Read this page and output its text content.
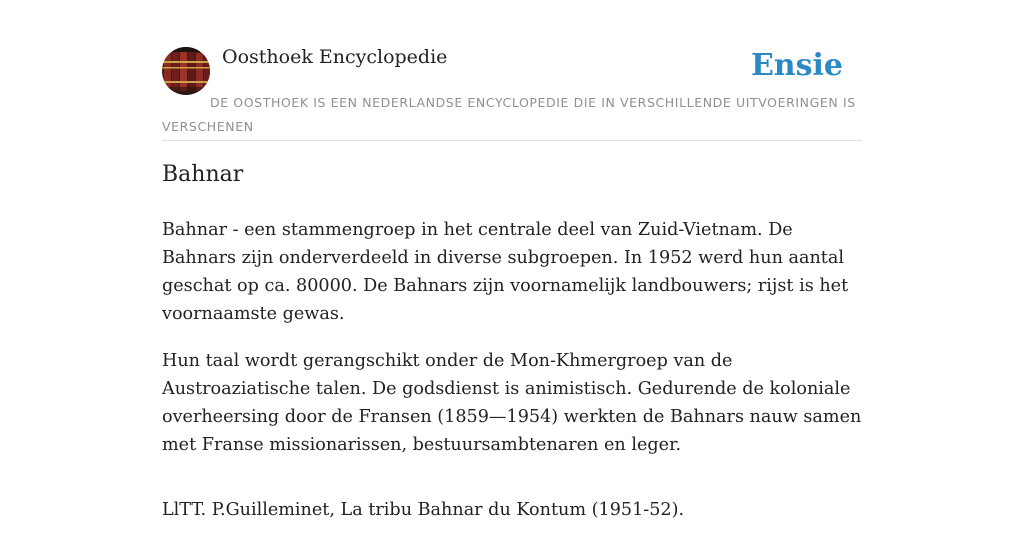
Oosthoek Encyclopedie	Ensie
DE OOSTHOEK IS EEN NEDERLANDSE ENCYCLOPEDIE DIE IN VERSCHILLENDE UITVOERINGEN IS VERSCHENEN
Bahnar

Bahnar - een stammengroep in het centrale deel van Zuid-Vietnam. De Bahnars zijn onderverdeeld in diverse subgroepen. In 1952 werd hun aantal geschat op ca. 80000. De Bahnars zijn voornamelijk landbouwers; rijst is het voornaamste gewas.

Hun taal wordt gerangschikt onder de Mon-Khmergroep van de Austroaziatische talen. De godsdienst is animistisch. Gedurende de koloniale overheersing door de Fransen (1859—1954) werkten de Bahnars nauw samen met Franse missionarissen, bestuursambtenaren en leger.

LlTT. P.Guilleminet, La tribu Bahnar du Kontum (1951-52).
